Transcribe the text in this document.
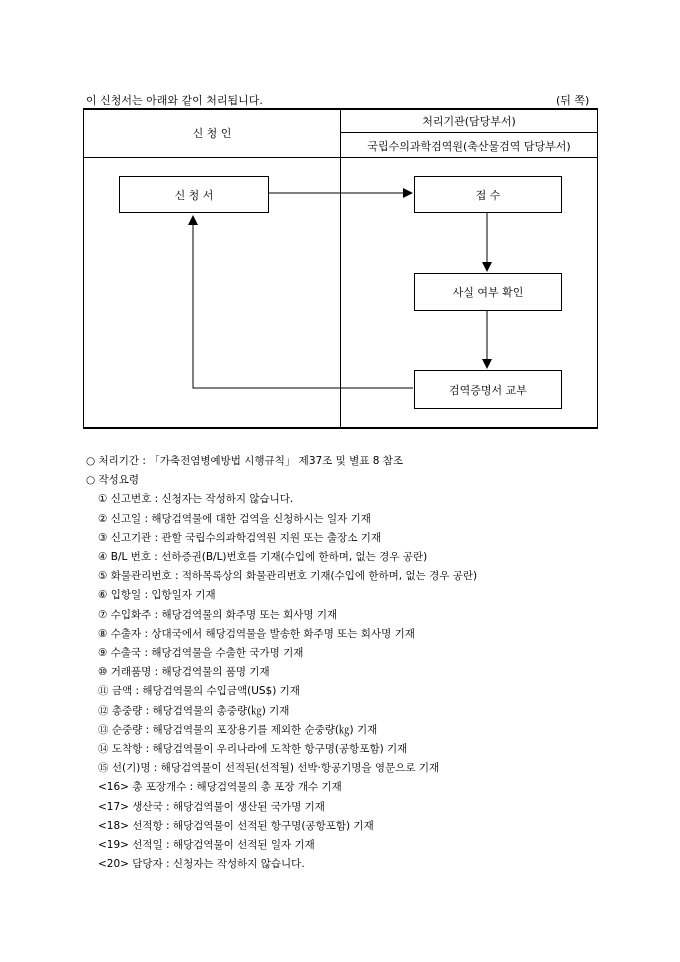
이 신청서는 아래와 같이 처리됩니다.	(뒤 쪽)
신 청 인
처리기관(담당부서)
국립수의과학검역원(축산물검역 담당부서)
신 청 서	접 수
사실 여부 확인
검역증명서 교부
○ 처리기간 : 「가축전염병예방법 시행규칙」 제37조 및 별표 8 참조
○ 작성요령
① 신고번호 : 신청자는 작성하지 않습니다.
② 신고일 : 해당검역물에 대한 검역을 신청하시는 일자 기재
③ 신고기관 : 관할 국립수의과학검역원 지원 또는 출장소 기재
④ B/L 번호 : 선하증권(B/L)번호를 기재(수입에 한하며, 없는 경우 공란)
⑤ 화물관리번호 : 적하목록상의 화물관리번호 기재(수입에 한하며, 없는 경우 공란)
⑥ 입항일 : 입항일자 기재
⑦ 수입화주 : 해당검역물의 화주명 또는 회사명 기재
⑧ 수출자 : 상대국에서 해당검역물을 발송한 화주명 또는 회사명 기재
⑨ 수출국 : 해당검역물을 수출한 국가명 기재
⑩ 거래품명 : 해당검역물의 품명 기재
⑪ 금액 : 해당검역물의 수입금액(US$) 기재
⑫ 총중량 : 해당검역물의 총중량(㎏) 기재
⑬ 순중량 : 해당검역물의 포장용기를 제외한 순중량(㎏) 기재
⑭ 도착항 : 해당검역물이 우리나라에 도착한 항구명(공항포함) 기재
⑮ 선(기)명 : 해당검역물이 선적된(선적될) 선박·항공기명을 영문으로 기재
<16> 총 포장개수 : 해당검역물의 총 포장 개수 기재
<17> 생산국 : 해당검역물이 생산된 국가명 기재
<18> 선적항 : 해당검역물이 선적된 항구명(공항포함) 기재
<19> 선적일 : 해당검역물이 선적된 일자 기재
<20> 담당자 : 신청자는 작성하지 않습니다.
